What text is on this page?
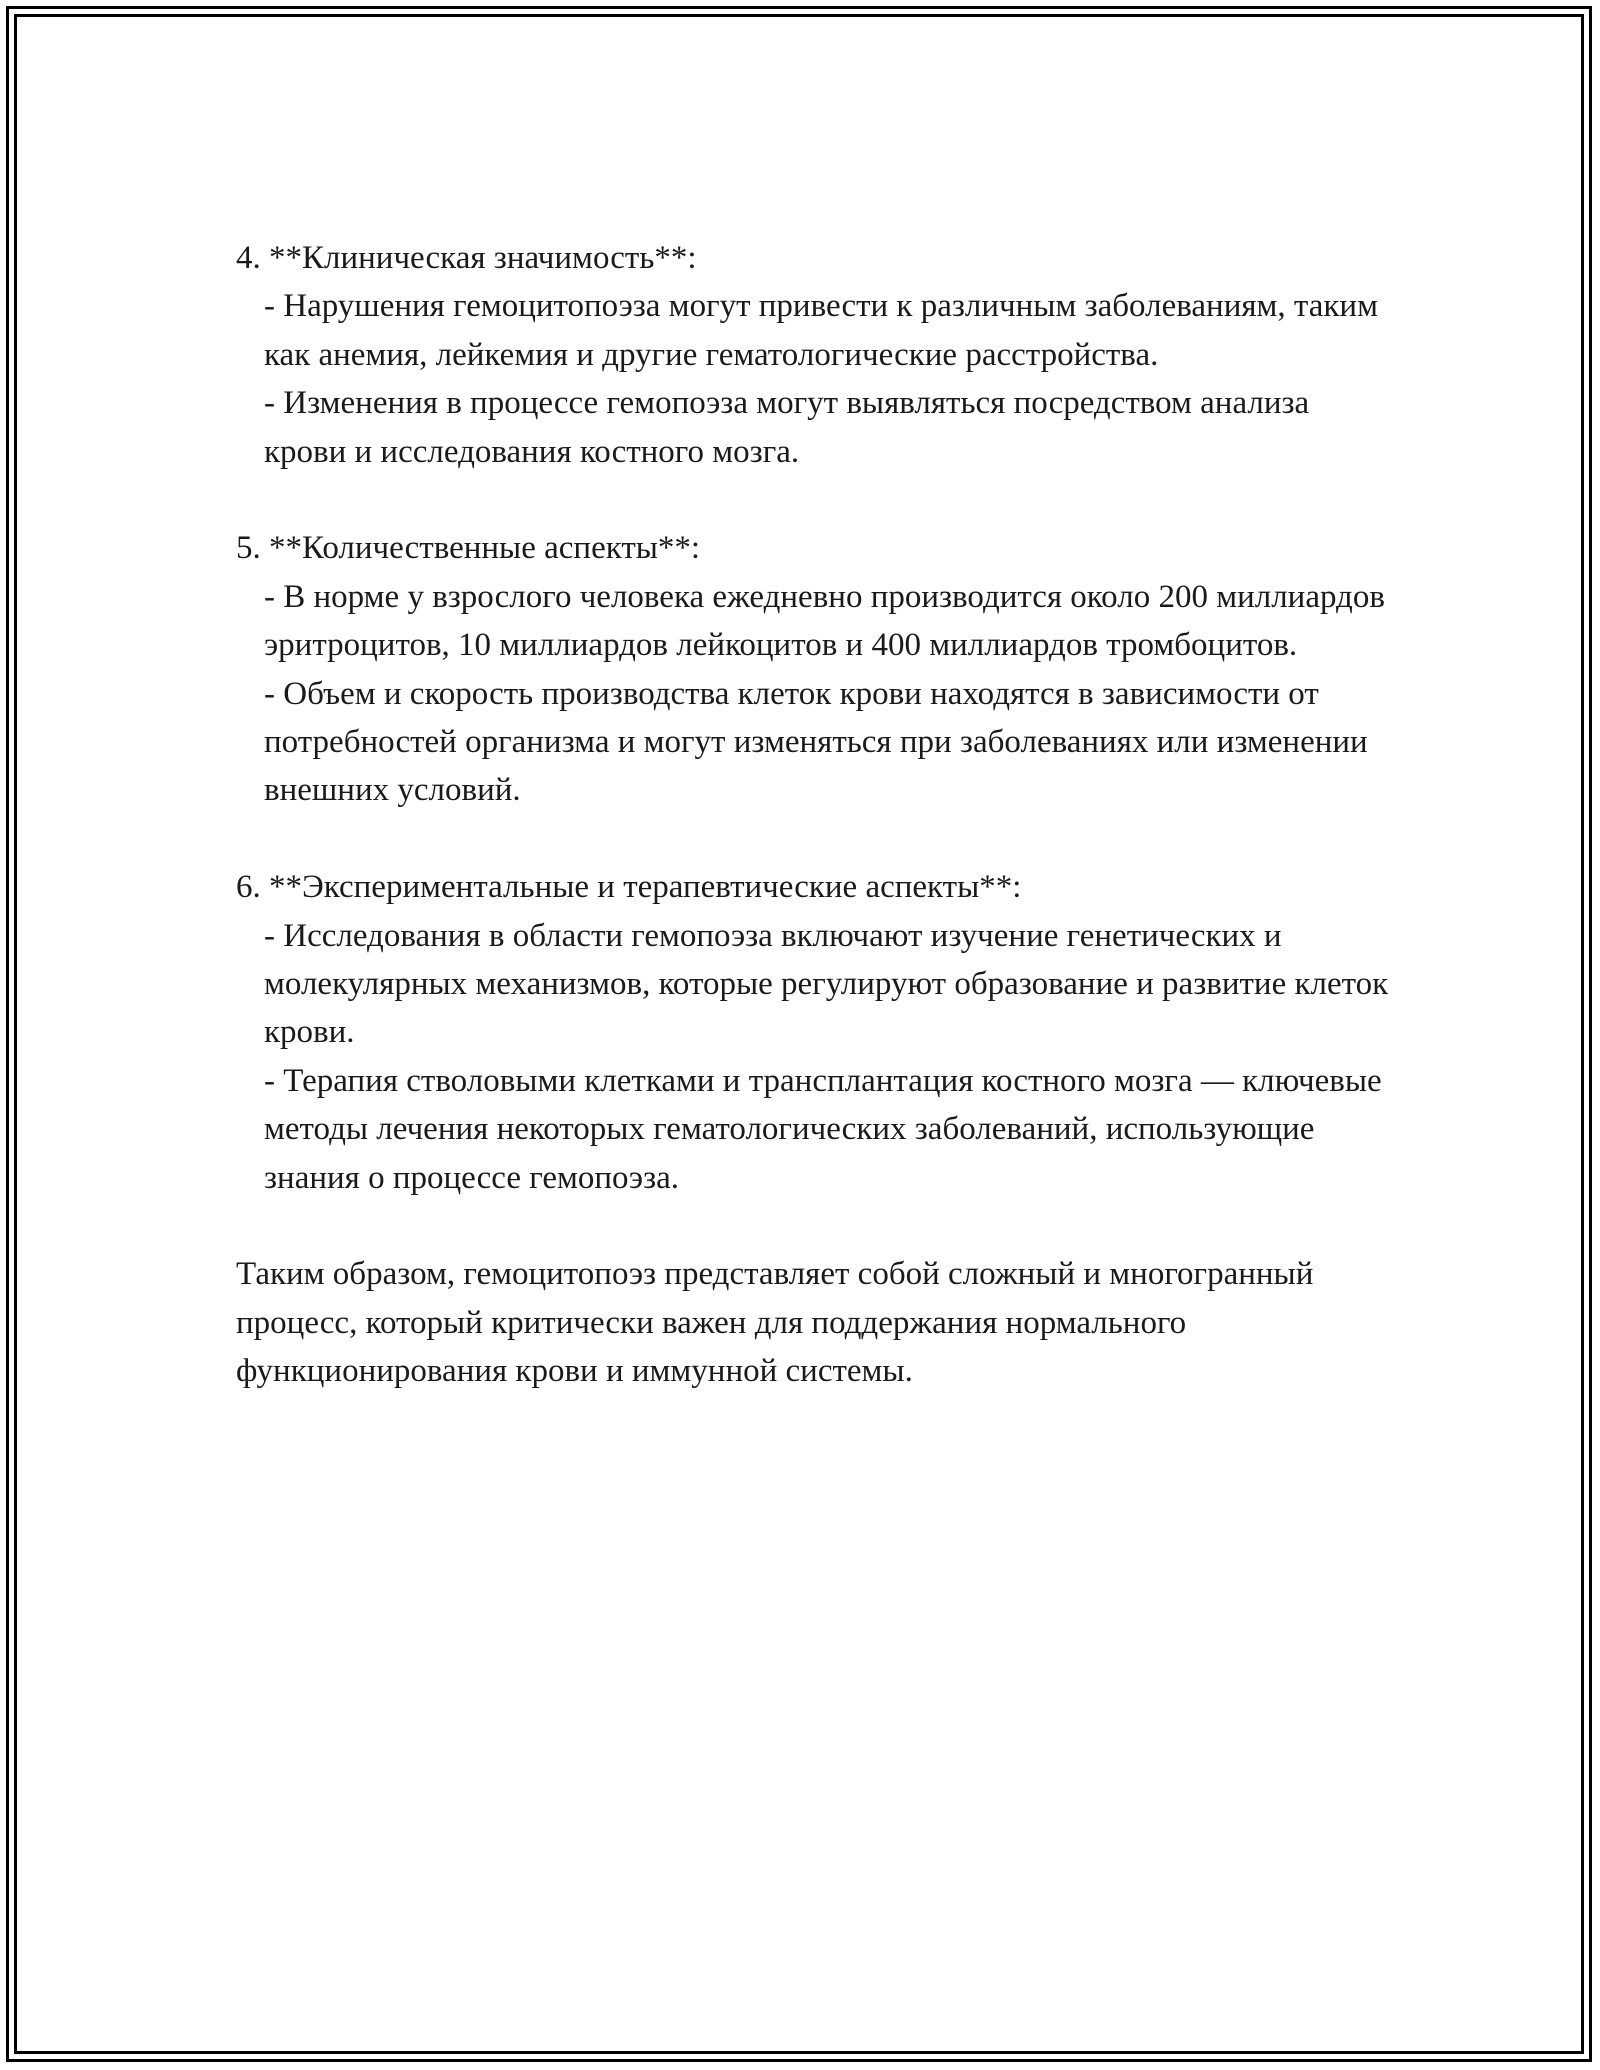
4. **Клиническая значимость**:

- Нарушения гемоцитопоэза могут привести к различным заболеваниям, таким как анемия, лейкемия и другие гематологические расстройства.

- Изменения в процессе гемопоэза могут выявляться посредством анализа крови и исследования костного мозга.

5. **Количественные аспекты**:

- В норме у взрослого человека ежедневно производится около 200 миллиардов эритроцитов, 10 миллиардов лейкоцитов и 400 миллиардов тромбоцитов.

- Объем и скорость производства клеток крови находятся в зависимости от потребностей организма и могут изменяться при заболеваниях или изменении внешних условий.

6. **Экспериментальные и терапевтические аспекты**:

- Исследования в области гемопоэза включают изучение генетических и молекулярных механизмов, которые регулируют образование и развитие клеток крови.

- Терапия стволовыми клетками и трансплантация костного мозга — ключевые методы лечения некоторых гематологических заболеваний, использующие знания о процессе гемопоэза.

Таким образом, гемоцитопоэз представляет собой сложный и многогранный процесс, который критически важен для поддержания нормального функционирования крови и иммунной системы.
